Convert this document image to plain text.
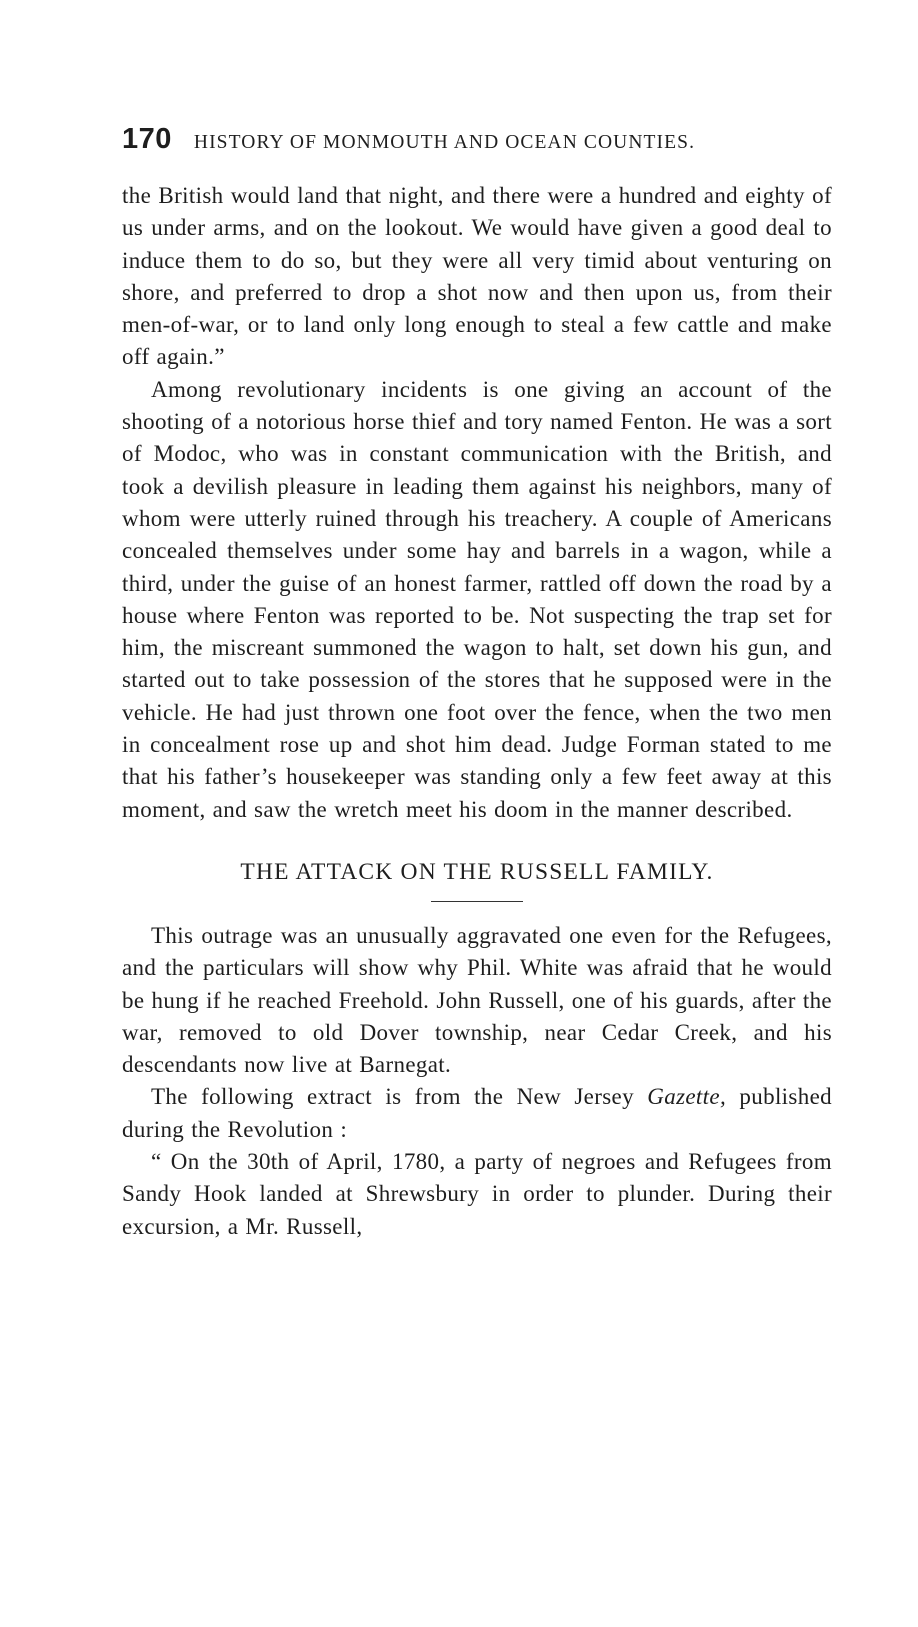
170 HISTORY OF MONMOUTH AND OCEAN COUNTIES.

the British would land that night, and there were a hundred and eighty of us under arms, and on the lookout. We would have given a good deal to induce them to do so, but they were all very timid about venturing on shore, and preferred to drop a shot now and then upon us, from their men-of-war, or to land only long enough to steal a few cattle and make off again.”

Among revolutionary incidents is one giving an account of the shooting of a notorious horse thief and tory named Fenton. He was a sort of Modoc, who was in constant communication with the British, and took a devilish pleasure in leading them against his neighbors, many of whom were utterly ruined through his treachery. A couple of Americans concealed themselves under some hay and barrels in a wagon, while a third, under the guise of an honest farmer, rattled off down the road by a house where Fenton was reported to be. Not suspecting the trap set for him, the miscreant summoned the wagon to halt, set down his gun, and started out to take possession of the stores that he supposed were in the vehicle. He had just thrown one foot over the fence, when the two men in concealment rose up and shot him dead. Judge Forman stated to me that his father’s housekeeper was standing only a few feet away at this moment, and saw the wretch meet his doom in the manner described.

THE ATTACK ON THE RUSSELL FAMILY.

This outrage was an unusually aggravated one even for the Refugees, and the particulars will show why Phil. White was afraid that he would be hung if he reached Freehold. John Russell, one of his guards, after the war, removed to old Dover township, near Cedar Creek, and his descendants now live at Barnegat.

The following extract is from the New Jersey Gazette, published during the Revolution :

“ On the 30th of April, 1780, a party of negroes and Refugees from Sandy Hook landed at Shrewsbury in order to plunder. During their excursion, a Mr. Russell,
